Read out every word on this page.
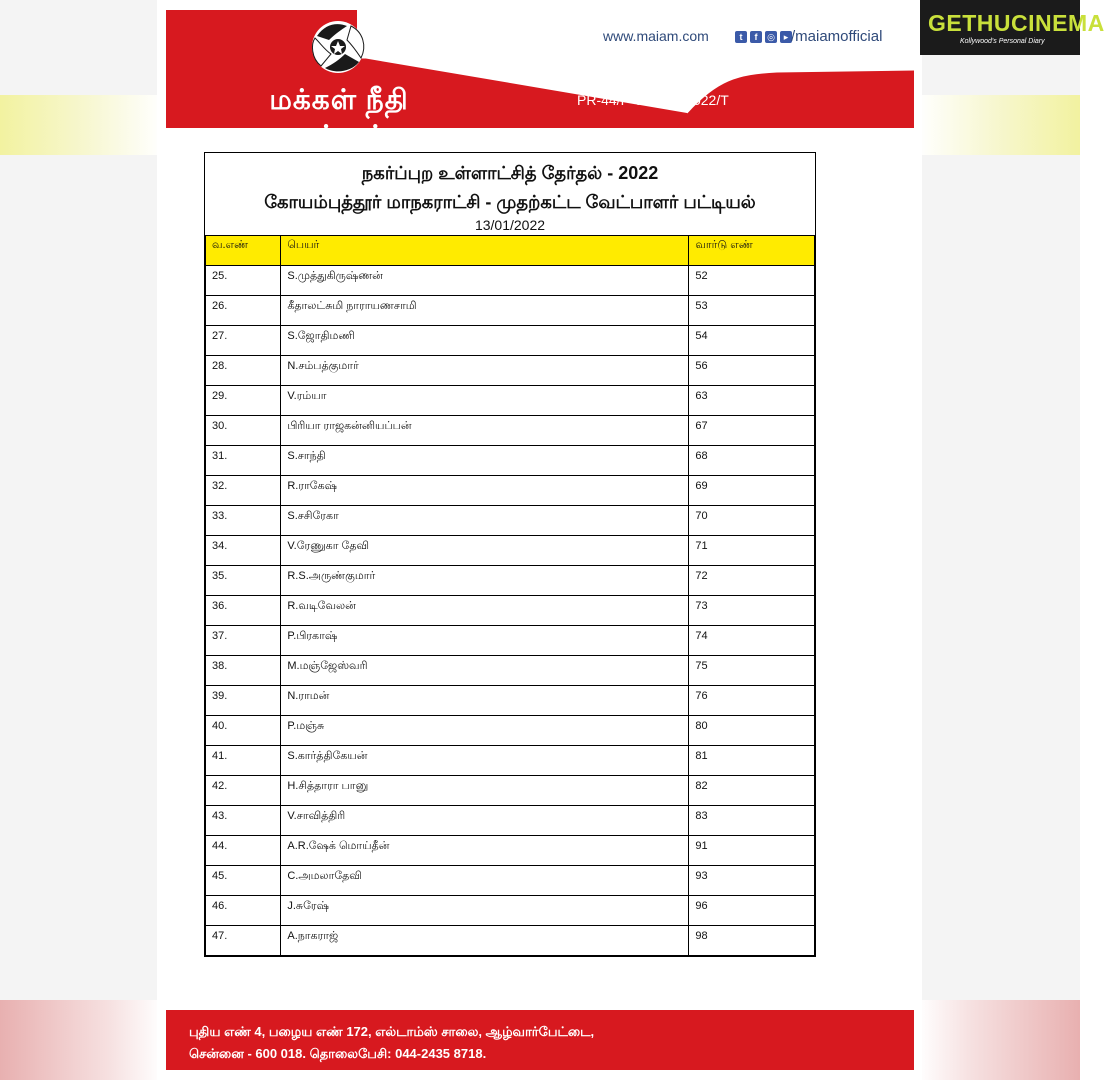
மக்கள் நீதி மய்யம்
www.maiam.com	t	f	◎ ▸ /maiamofficial
PR-44/P-05/13012022/T
நகர்ப்புற உள்ளாட்சித் தேர்தல் - 2022
கோயம்புத்தூர் மாநகராட்சி - முதற்கட்ட வேட்பாளர் பட்டியல்
13/01/2022
வ.எண்	பெயர்	வார்டு எண்
25.	S.முத்துகிருஷ்ணன்	52
26.	கீதாலட்சுமி நாராயணசாமி	53
27.	S.ஜோதிமணி	54
28.	N.சம்பத்குமார்	56
29.	V.ரம்யா	63
30.	பிரியா ராஜகன்னியப்பன்	67
31.	S.சாந்தி	68
32.	R.ராகேஷ்	69
33.	S.சசிரேகா	70
34.	V.ரேணுகா தேவி	71
35.	R.S.அருண்குமார்	72
36.	R.வடிவேலன்	73
37.	P.பிரகாஷ்	74
38.	M.மஞ்ஜேஸ்வரி	75
39.	N.ராமன்	76
40.	P.மஞ்சு	80
41.	S.கார்த்திகேயன்	81
42.	H.சித்தாரா பானு	82
43.	V.சாவித்திரி	83
44.	A.R.ஷேக் மொய்தீன்	91
45.	C.அமலாதேவி	93
46.	J.சுரேஷ்	96
47.	A.நாகராஜ்	98
புதிய எண் 4, பழைய எண் 172, எல்டாம்ஸ் சாலை, ஆழ்வார்பேட்டை,
சென்னை - 600 018. தொலைபேசி: 044-2435 8718.
GETHUCINEMA
Kollywood's Personal Diary
